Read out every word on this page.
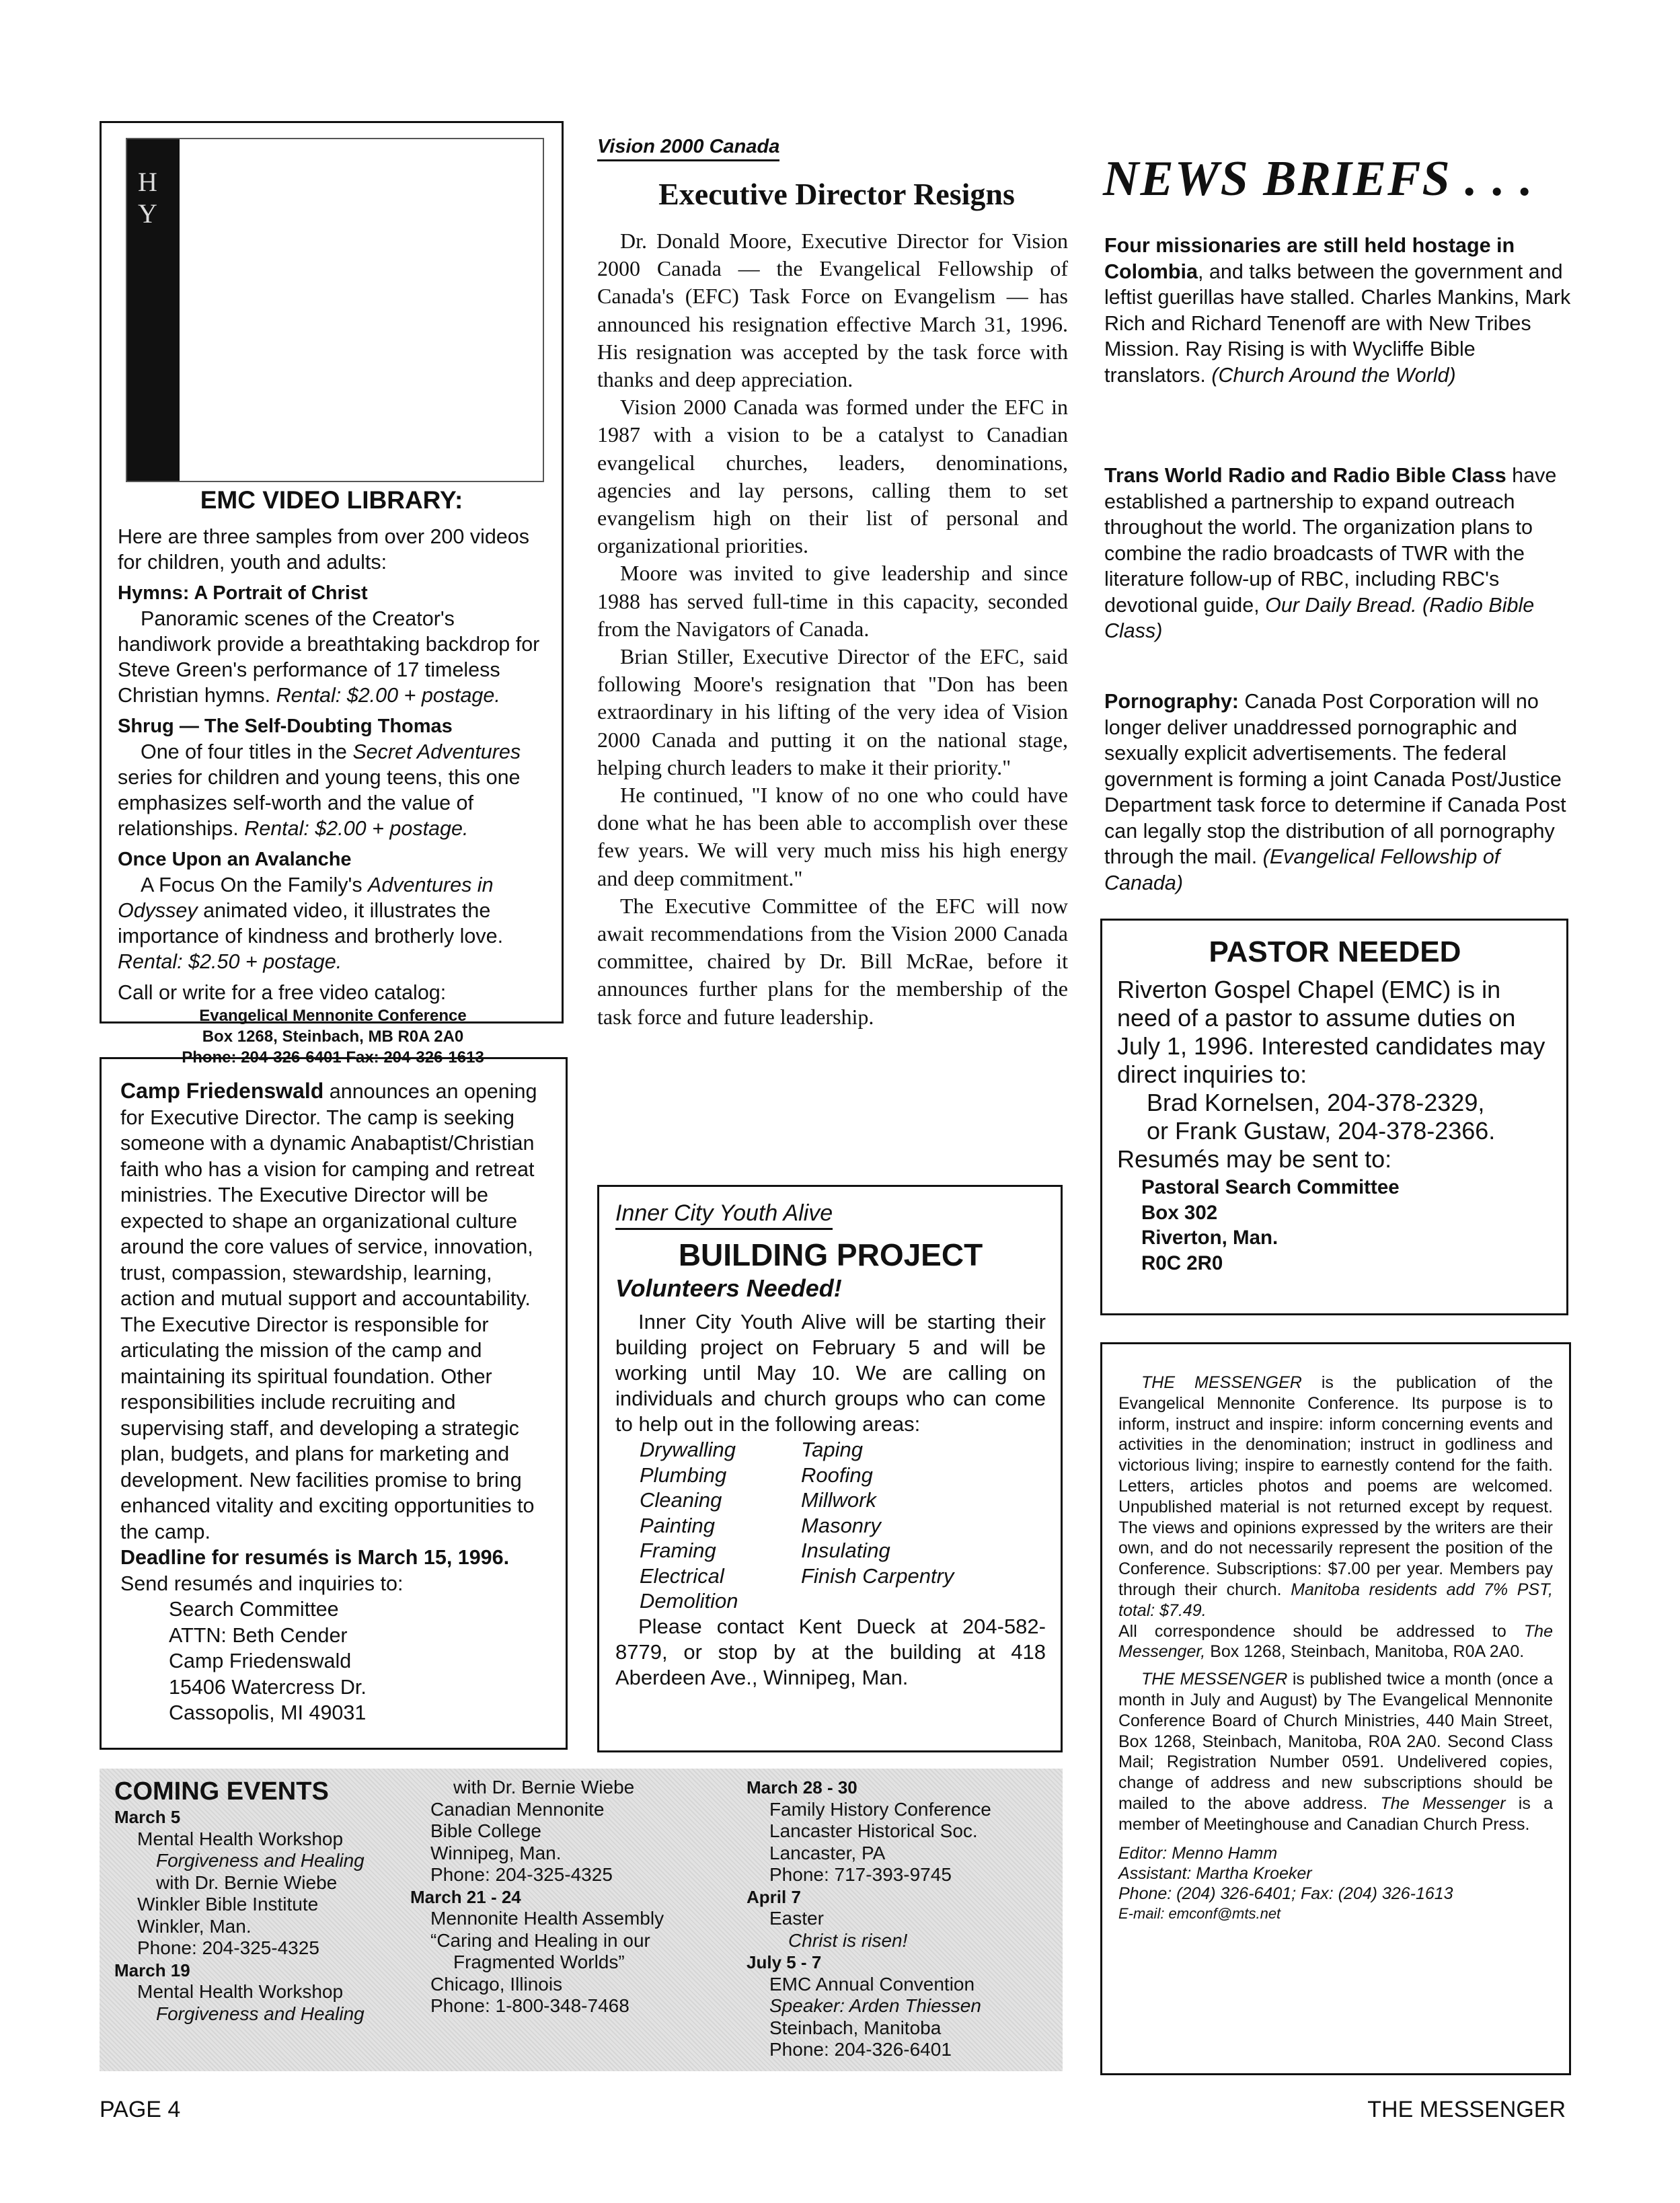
H Y
EMC VIDEO LIBRARY:

Here are three samples from over 200 videos for children, youth and adults:

Hymns: A Portrait of Christ

Panoramic scenes of the Creator's handiwork provide a breathtaking backdrop for Steve Green's performance of 17 timeless Christian hymns. Rental: $2.00 + postage.

Shrug — The Self-Doubting Thomas

One of four titles in the Secret Adventures series for children and young teens, this one emphasizes self-worth and the value of relationships. Rental: $2.00 + postage.

Once Upon an Avalanche

A Focus On the Family's Adventures in Odyssey animated video, it illustrates the importance of kindness and brotherly love. Rental: $2.50 + postage.

Call or write for a free video catalog:

Evangelical Mennonite Conference
Box 1268, Steinbach, MB R0A 2A0
Phone: 204-326-6401 Fax: 204-326-1613

Camp Friedenswald announces an opening for Executive Director. The camp is seeking someone with a dynamic Anabaptist/Christian faith who has a vision for camping and retreat ministries. The Executive Director will be expected to shape an organizational culture around the core values of service, innovation, trust, compassion, stewardship, learning, action and mutual support and accountability. The Executive Director is responsible for articulating the mission of the camp and maintaining its spiritual foundation. Other responsibilities include recruiting and supervising staff, and developing a strategic plan, budgets, and plans for marketing and development. New facilities promise to bring enhanced vitality and exciting opportunities to the camp.

Deadline for resumés is March 15, 1996.

Send resumés and inquiries to:

Search Committee
ATTN: Beth Cender
Camp Friedenswald
15406 Watercress Dr.
Cassopolis, MI 49031
Vision 2000 Canada
Executive Director Resigns

Dr. Donald Moore, Executive Director for Vision 2000 Canada — the Evangelical Fellowship of Canada's (EFC) Task Force on Evangelism — has announced his resignation effective March 31, 1996. His resignation was accepted by the task force with thanks and deep appreciation.

Vision 2000 Canada was formed under the EFC in 1987 with a vision to be a catalyst to Canadian evangelical churches, leaders, denominations, agencies and lay persons, calling them to set evangelism high on their list of personal and organizational priorities.

Moore was invited to give leadership and since 1988 has served full-time in this capacity, seconded from the Navigators of Canada.

Brian Stiller, Executive Director of the EFC, said following Moore's resignation that "Don has been extraordinary in his lifting of the very idea of Vision 2000 Canada and putting it on the national stage, helping church leaders to make it their priority."

He continued, "I know of no one who could have done what he has been able to accomplish over these few years. We will very much miss his high energy and deep commitment."

The Executive Committee of the EFC will now await recommendations from the Vision 2000 Canada committee, chaired by Dr. Bill McRae, before it announces further plans for the membership of the task force and future leadership.

Inner City Youth Alive
BUILDING PROJECT
Volunteers Needed!

Inner City Youth Alive will be starting their building project on February 5 and will be working until May 10. We are calling on individuals and church groups who can come to help out in the following areas:

Drywalling
Plumbing
Cleaning
Painting
Framing
Electrical
Demolition
Taping
Roofing
Millwork
Masonry
Insulating
Finish Carpentry

Please contact Kent Dueck at 204-582-8779, or stop by at the building at 418 Aberdeen Ave., Winnipeg, Man.

NEWS BRIEFS . . .
Four missionaries are still held hostage in Colombia, and talks between the government and leftist guerillas have stalled. Charles Mankins, Mark Rich and Richard Tenenoff are with New Tribes Mission. Ray Rising is with Wycliffe Bible translators. (Church Around the World)
Trans World Radio and Radio Bible Class have established a partnership to expand outreach throughout the world. The organization plans to combine the radio broadcasts of TWR with the literature follow-up of RBC, including RBC's devotional guide, Our Daily Bread. (Radio Bible Class)
Pornography: Canada Post Corporation will no longer deliver unaddressed pornographic and sexually explicit advertisements. The federal government is forming a joint Canada Post/Justice Department task force to determine if Canada Post can legally stop the distribution of all pornography through the mail. (Evangelical Fellowship of Canada)
PASTOR NEEDED
Riverton Gospel Chapel (EMC) is in need of a pastor to assume duties on July 1, 1996. Interested candidates may direct inquiries to:
Brad Kornelsen, 204-378-2329,
or Frank Gustaw, 204-378-2366.
Resumés may be sent to:
Pastoral Search Committee
Box 302
Riverton, Man.
R0C 2R0

THE MESSENGER is the publication of the Evangelical Mennonite Conference. Its purpose is to inform, instruct and inspire: inform concerning events and activities in the denomination; instruct in godliness and victorious living; inspire to earnestly contend for the faith. Letters, articles photos and poems are welcomed. Unpublished material is not returned except by request. The views and opinions expressed by the writers are their own, and do not necessarily represent the position of the Conference. Subscriptions: $7.00 per year. Members pay through their church. Manitoba residents add 7% PST, total: $7.49.

All correspondence should be addressed to The Messenger, Box 1268, Steinbach, Manitoba, R0A 2A0.

THE MESSENGER is published twice a month (once a month in July and August) by The Evangelical Mennonite Conference Board of Church Ministries, 440 Main Street, Box 1268, Steinbach, Manitoba, R0A 2A0. Second Class Mail; Registration Number 0591. Undelivered copies, change of address and new subscriptions should be mailed to the above address. The Messenger is a member of Meetinghouse and Canadian Church Press.

Editor: Menno Hamm
Assistant: Martha Kroeker
Phone: (204) 326-6401; Fax: (204) 326-1613
E-mail: emconf@mts.net
COMING EVENTS
March 5
Mental Health Workshop
Forgiveness and Healing
with Dr. Bernie Wiebe
Winkler Bible Institute
Winkler, Man.
Phone: 204-325-4325
March 19
Mental Health Workshop
Forgiveness and Healing
with Dr. Bernie Wiebe
Canadian Mennonite
Bible College
Winnipeg, Man.
Phone: 204-325-4325
March 21 - 24
Mennonite Health Assembly
“Caring and Healing in our
Fragmented Worlds”
Chicago, Illinois
Phone: 1-800-348-7468
March 28 - 30
Family History Conference
Lancaster Historical Soc.
Lancaster, PA
Phone: 717-393-9745
April 7
Easter
Christ is risen!
July 5 - 7
EMC Annual Convention
Speaker: Arden Thiessen
Steinbach, Manitoba
Phone: 204-326-6401
PAGE 4	THE MESSENGER
